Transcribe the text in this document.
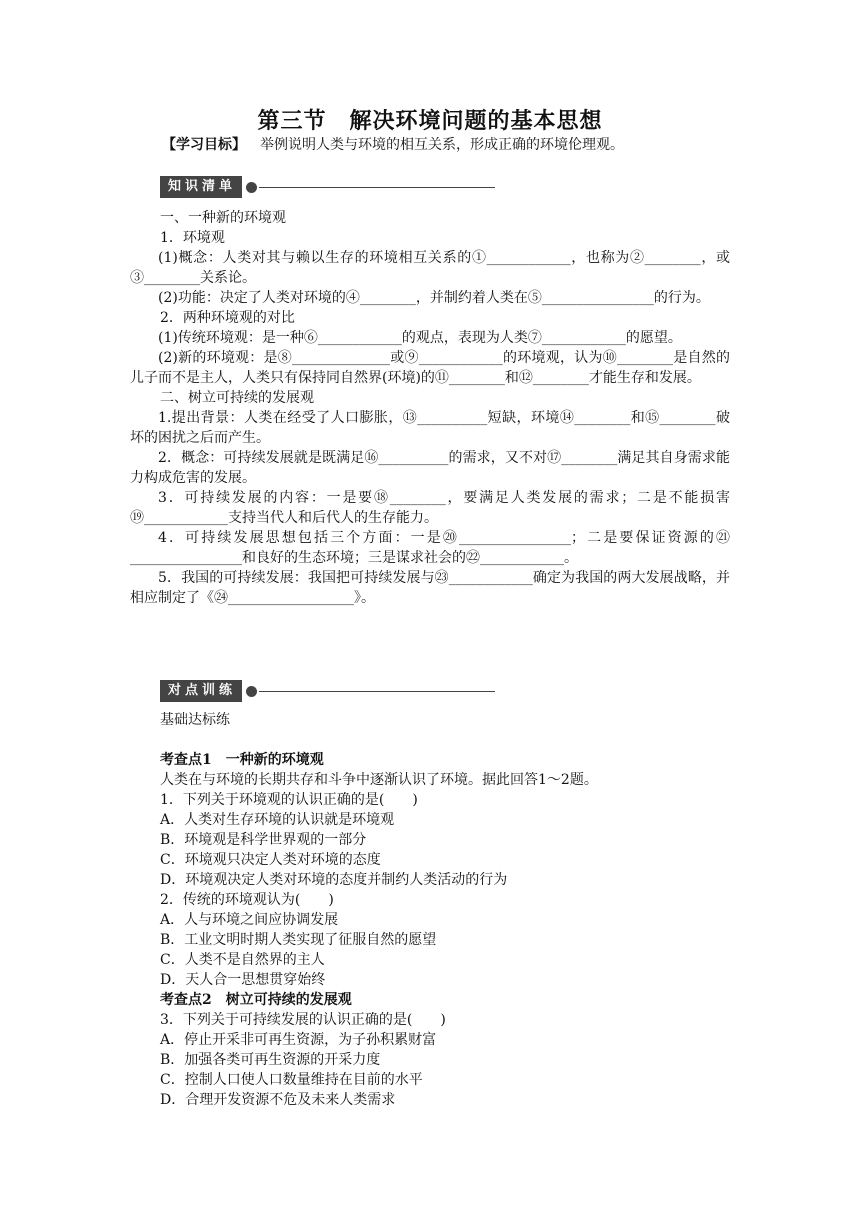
第三节　解决环境问题的基本思想
【学习目标】 举例说明人类与环境的相互关系，形成正确的环境伦理观。
知识清单

一、一种新的环境观

1．环境观

(1)概念：人类对其与赖以生存的环境相互关系的①____________，也称为②________，或③________关系论。

(2)功能：决定了人类对环境的④________，并制约着人类在⑤________________的行为。

2．两种环境观的对比

(1)传统环境观：是一种⑥____________的观点，表现为人类⑦____________的愿望。

(2)新的环境观：是⑧______________或⑨____________的环境观，认为⑩________是自然的儿子而不是主人，人类只有保持同自然界(环境)的⑪________和⑫________才能生存和发展。

二、树立可持续的发展观

1.提出背景：人类在经受了人口膨胀，⑬__________短缺，环境⑭________和⑮________破坏的困扰之后而产生。

2．概念：可持续发展就是既满足⑯__________的需求，又不对⑰________满足其自身需求能力构成危害的发展。

3．可持续发展的内容：一是要⑱________，要满足人类发展的需求；二是不能损害⑲____________支持当代人和后代人的生存能力。

4．可持续发展思想包括三个方面：一是⑳________________；二是要保证资源的㉑________________和良好的生态环境；三是谋求社会的㉒____________。

5．我国的可持续发展：我国把可持续发展与㉓____________确定为我国的两大发展战略，并相应制定了《㉔__________________》。

对点训练

基础达标练

考查点1　一种新的环境观

人类在与环境的长期共存和斗争中逐渐认识了环境。据此回答1～2题。

1．下列关于环境观的认识正确的是(　　)

A．人类对生存环境的认识就是环境观

B．环境观是科学世界观的一部分

C．环境观只决定人类对环境的态度

D．环境观决定人类对环境的态度并制约人类活动的行为

2．传统的环境观认为(　　)

A．人与环境之间应协调发展

B．工业文明时期人类实现了征服自然的愿望

C．人类不是自然界的主人

D．天人合一思想贯穿始终

考查点2　树立可持续的发展观

3．下列关于可持续发展的认识正确的是(　　)

A．停止开采非可再生资源，为子孙积累财富

B．加强各类可再生资源的开采力度

C．控制人口使人口数量维持在目前的水平

D．合理开发资源不危及未来人类需求
